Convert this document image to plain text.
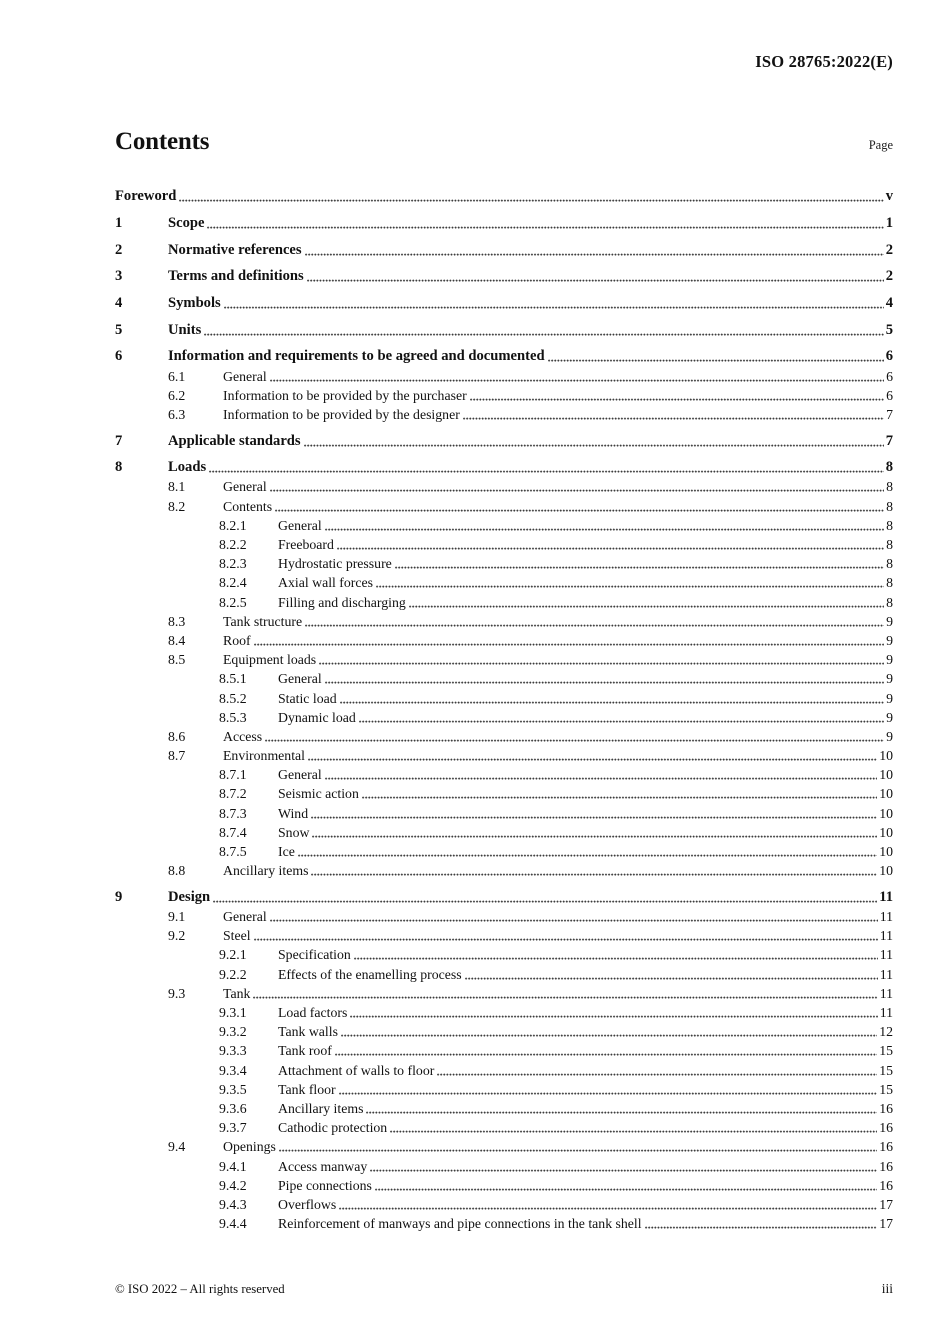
ISO 28765:2022(E)
Contents	Page
Foreword	v
1	Scope	1
2	Normative references	2
3	Terms and definitions	2
4	Symbols	4
5	Units	5
6	Information and requirements to be agreed and documented	6
6.1	General	6
6.2	Information to be provided by the purchaser	6
6.3	Information to be provided by the designer	7
7	Applicable standards	7
8	Loads	8
8.1	General	8
8.2	Contents	8
8.2.1	General	8
8.2.2	Freeboard	8
8.2.3	Hydrostatic pressure	8
8.2.4	Axial wall forces	8
8.2.5	Filling and discharging	8
8.3	Tank structure	9
8.4	Roof	9
8.5	Equipment loads	9
8.5.1	General	9
8.5.2	Static load	9
8.5.3	Dynamic load	9
8.6	Access	9
8.7	Environmental	10
8.7.1	General	10
8.7.2	Seismic action	10
8.7.3	Wind	10
8.7.4	Snow	10
8.7.5	Ice	10
8.8	Ancillary items	10
9	Design	11
9.1	General	11
9.2	Steel	11
9.2.1	Specification	11
9.2.2	Effects of the enamelling process	11
9.3	Tank	11
9.3.1	Load factors	11
9.3.2	Tank walls	12
9.3.3	Tank roof	15
9.3.4	Attachment of walls to floor	15
9.3.5	Tank floor	15
9.3.6	Ancillary items	16
9.3.7	Cathodic protection	16
9.4	Openings	16
9.4.1	Access manway	16
9.4.2	Pipe connections	16
9.4.3	Overflows	17
9.4.4	Reinforcement of manways and pipe connections in the tank shell	17
© ISO 2022 – All rights reserved	iii
